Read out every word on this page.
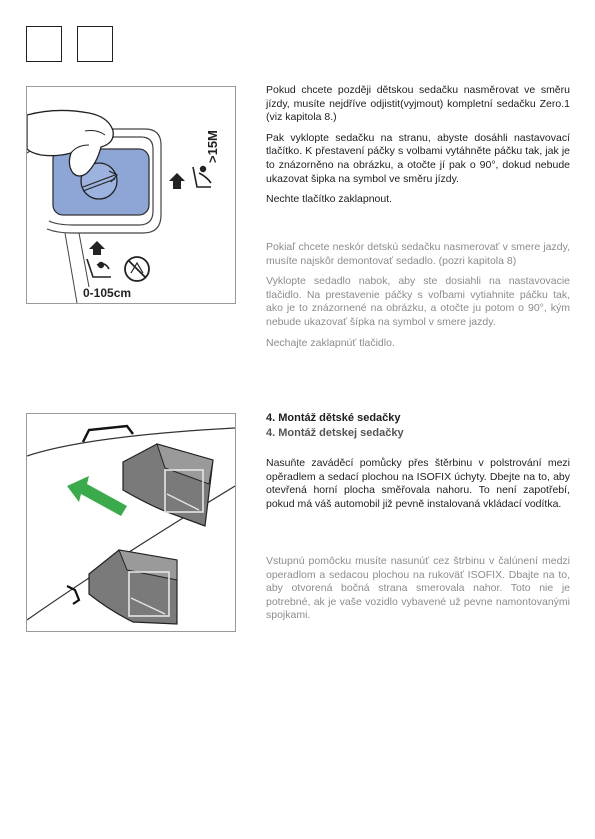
>15M
0-105cm

Pokud chcete později dětskou sedačku nasměrovat ve směru jízdy, musíte nejdříve odjistit(vyjmout) kompletní sedačku Zero.1 (viz kapitola 8.)

Pak vyklopte sedačku na stranu, abyste dosáhli nastavovací tlačítko. K přestavení páčky s volbami vytáhněte páčku tak, jak je to znázorněno na obrázku, a otočte jí pak o 90°, dokud nebude ukazovat šipka na symbol ve směru jízdy.

Nechte tlačítko zaklapnout.

Pokiaľ chcete neskór detskú sedačku nasmerovať v smere jazdy, musíte najskôr demontovať sedadlo. (pozri kapitola 8)

Vyklopte sedadlo nabok, aby ste dosiahli na nastavovacie tlačidlo. Na prestavenie páčky s voľbami vytiahnite páčku tak, ako je to znázornené na obrázku, a otočte ju potom o 90°, kým nebude ukazovať šípka na symbol v smere jazdy.

Nechajte zaklapnúť tlačidlo.

4. Montáž dětské sedačky
4. Montáž detskej sedačky

Nasuňte zaváděcí pomůcky přes štěrbinu v polstrování mezi opěradlem a sedací plochou na ISOFIX úchyty. Dbejte na to, aby otevřená horní plocha směřovala nahoru. To není zapotřebí, pokud má váš automobil již pevně instalovaná vkládací vodítka.

Vstupnú pomôcku musíte nasunúť cez štrbinu v čalúnení medzi operadlom a sedacou plochou na rukoväť ISOFIX. Dbajte na to, aby otvorená bočná strana smerovala nahor. Toto nie je potrebné, ak je vaše vozidlo vybavené už pevne namontovanými spojkami.
